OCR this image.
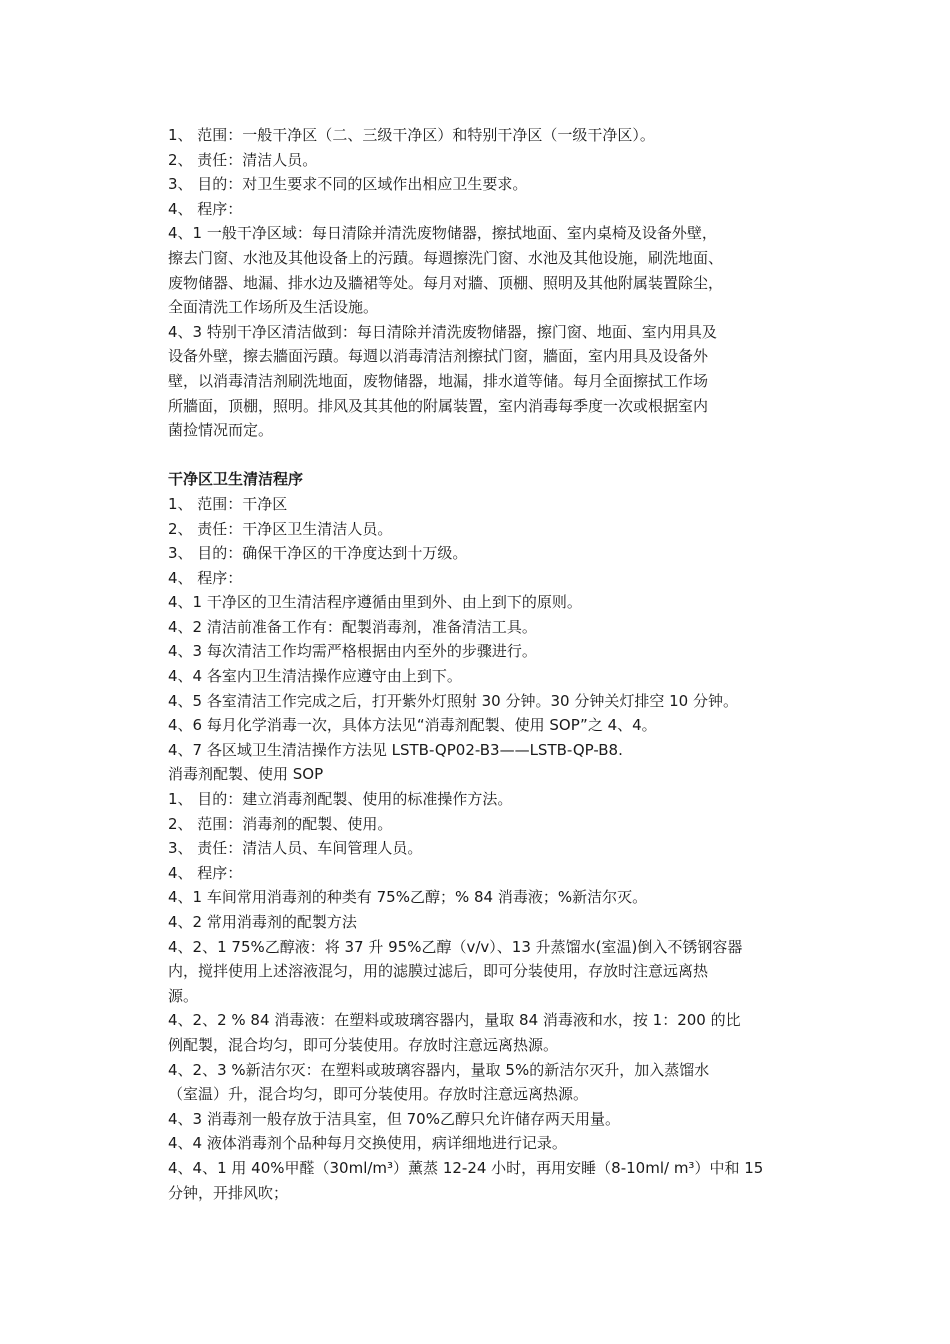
1、 范围：一般干净区（二、三级干净区）和特别干净区（一级干净区）。
2、 责任：清洁人员。
3、 目的：对卫生要求不同的区域作出相应卫生要求。
4、 程序：
4、1 一般干净区域：每日清除并清洗废物储器，擦拭地面、室内桌椅及设备外壁，
擦去门窗、水池及其他设备上的污蹟。每週擦洗门窗、水池及其他设施，刷洗地面、
废物储器、地漏、排水边及牆裙等处。每月对牆、顶棚、照明及其他附属装置除尘，
全面清洗工作场所及生活设施。
4、3 特别干净区清洁做到：每日清除并清洗废物储器，擦门窗、地面、室内用具及
设备外壁，擦去牆面污蹟。每週以消毒清洁剂擦拭门窗，牆面，室内用具及设备外
壁，以消毒清洁剂刷洗地面，废物储器，地漏，排水道等储。每月全面擦拭工作场
所牆面，顶棚，照明。排风及其其他的附属装置，室内消毒每季度一次或根据室内
菌捡情况而定。
干净区卫生清洁程序
1、 范围：干净区
2、 责任：干净区卫生清洁人员。
3、 目的：确保干净区的干净度达到十万级。
4、 程序：
4、1 干净区的卫生清洁程序遵循由里到外、由上到下的原则。
4、2 清洁前准备工作有：配製消毒剂，准备清洁工具。
4、3 每次清洁工作均需严格根据由内至外的步骤进行。
4、4 各室内卫生清洁操作应遵守由上到下。
4、5 各室清洁工作完成之后，打开紫外灯照射 30 分钟。30 分钟关灯排空 10 分钟。
4、6 每月化学消毒一次，具体方法见“消毒剂配製、使用 SOP”之 4、4。
4、7 各区域卫生清洁操作方法见 LSTB-QP02-B3——LSTB-QP-B8.
消毒剂配製、使用 SOP
1、 目的：建立消毒剂配製、使用的标准操作方法。
2、 范围：消毒剂的配製、使用。
3、 责任：清洁人员、车间管理人员。
4、 程序：
4、1 车间常用消毒剂的种类有 75%乙醇；% 84 消毒液；%新洁尔灭。
4、2 常用消毒剂的配製方法
4、2、1 75%乙醇液：将 37 升 95%乙醇（v/v）、13 升蒸馏水(室温)倒入不锈钢容器
内，搅拌使用上述溶液混匀，用的滤膜过滤后，即可分装使用，存放时注意远离热
源。
4、2、2 % 84 消毒液：在塑料或玻璃容器内，量取 84 消毒液和水，按 1：200 的比
例配製，混合均匀，即可分装使用。存放时注意远离热源。
4、2、3 %新洁尔灭：在塑料或玻璃容器内，量取 5%的新洁尔灭升，加入蒸馏水
（室温）升，混合均匀，即可分装使用。存放时注意远离热源。
4、3 消毒剂一般存放于洁具室，但 70%乙醇只允许储存两天用量。
4、4 液体消毒剂个品种每月交换使用，病详细地进行记录。
4、4、1 用 40%甲醛（30ml/m³）薰蒸 12-24 小时，再用安睡（8-10ml/ m³）中和 15
分钟，开排风吹；
